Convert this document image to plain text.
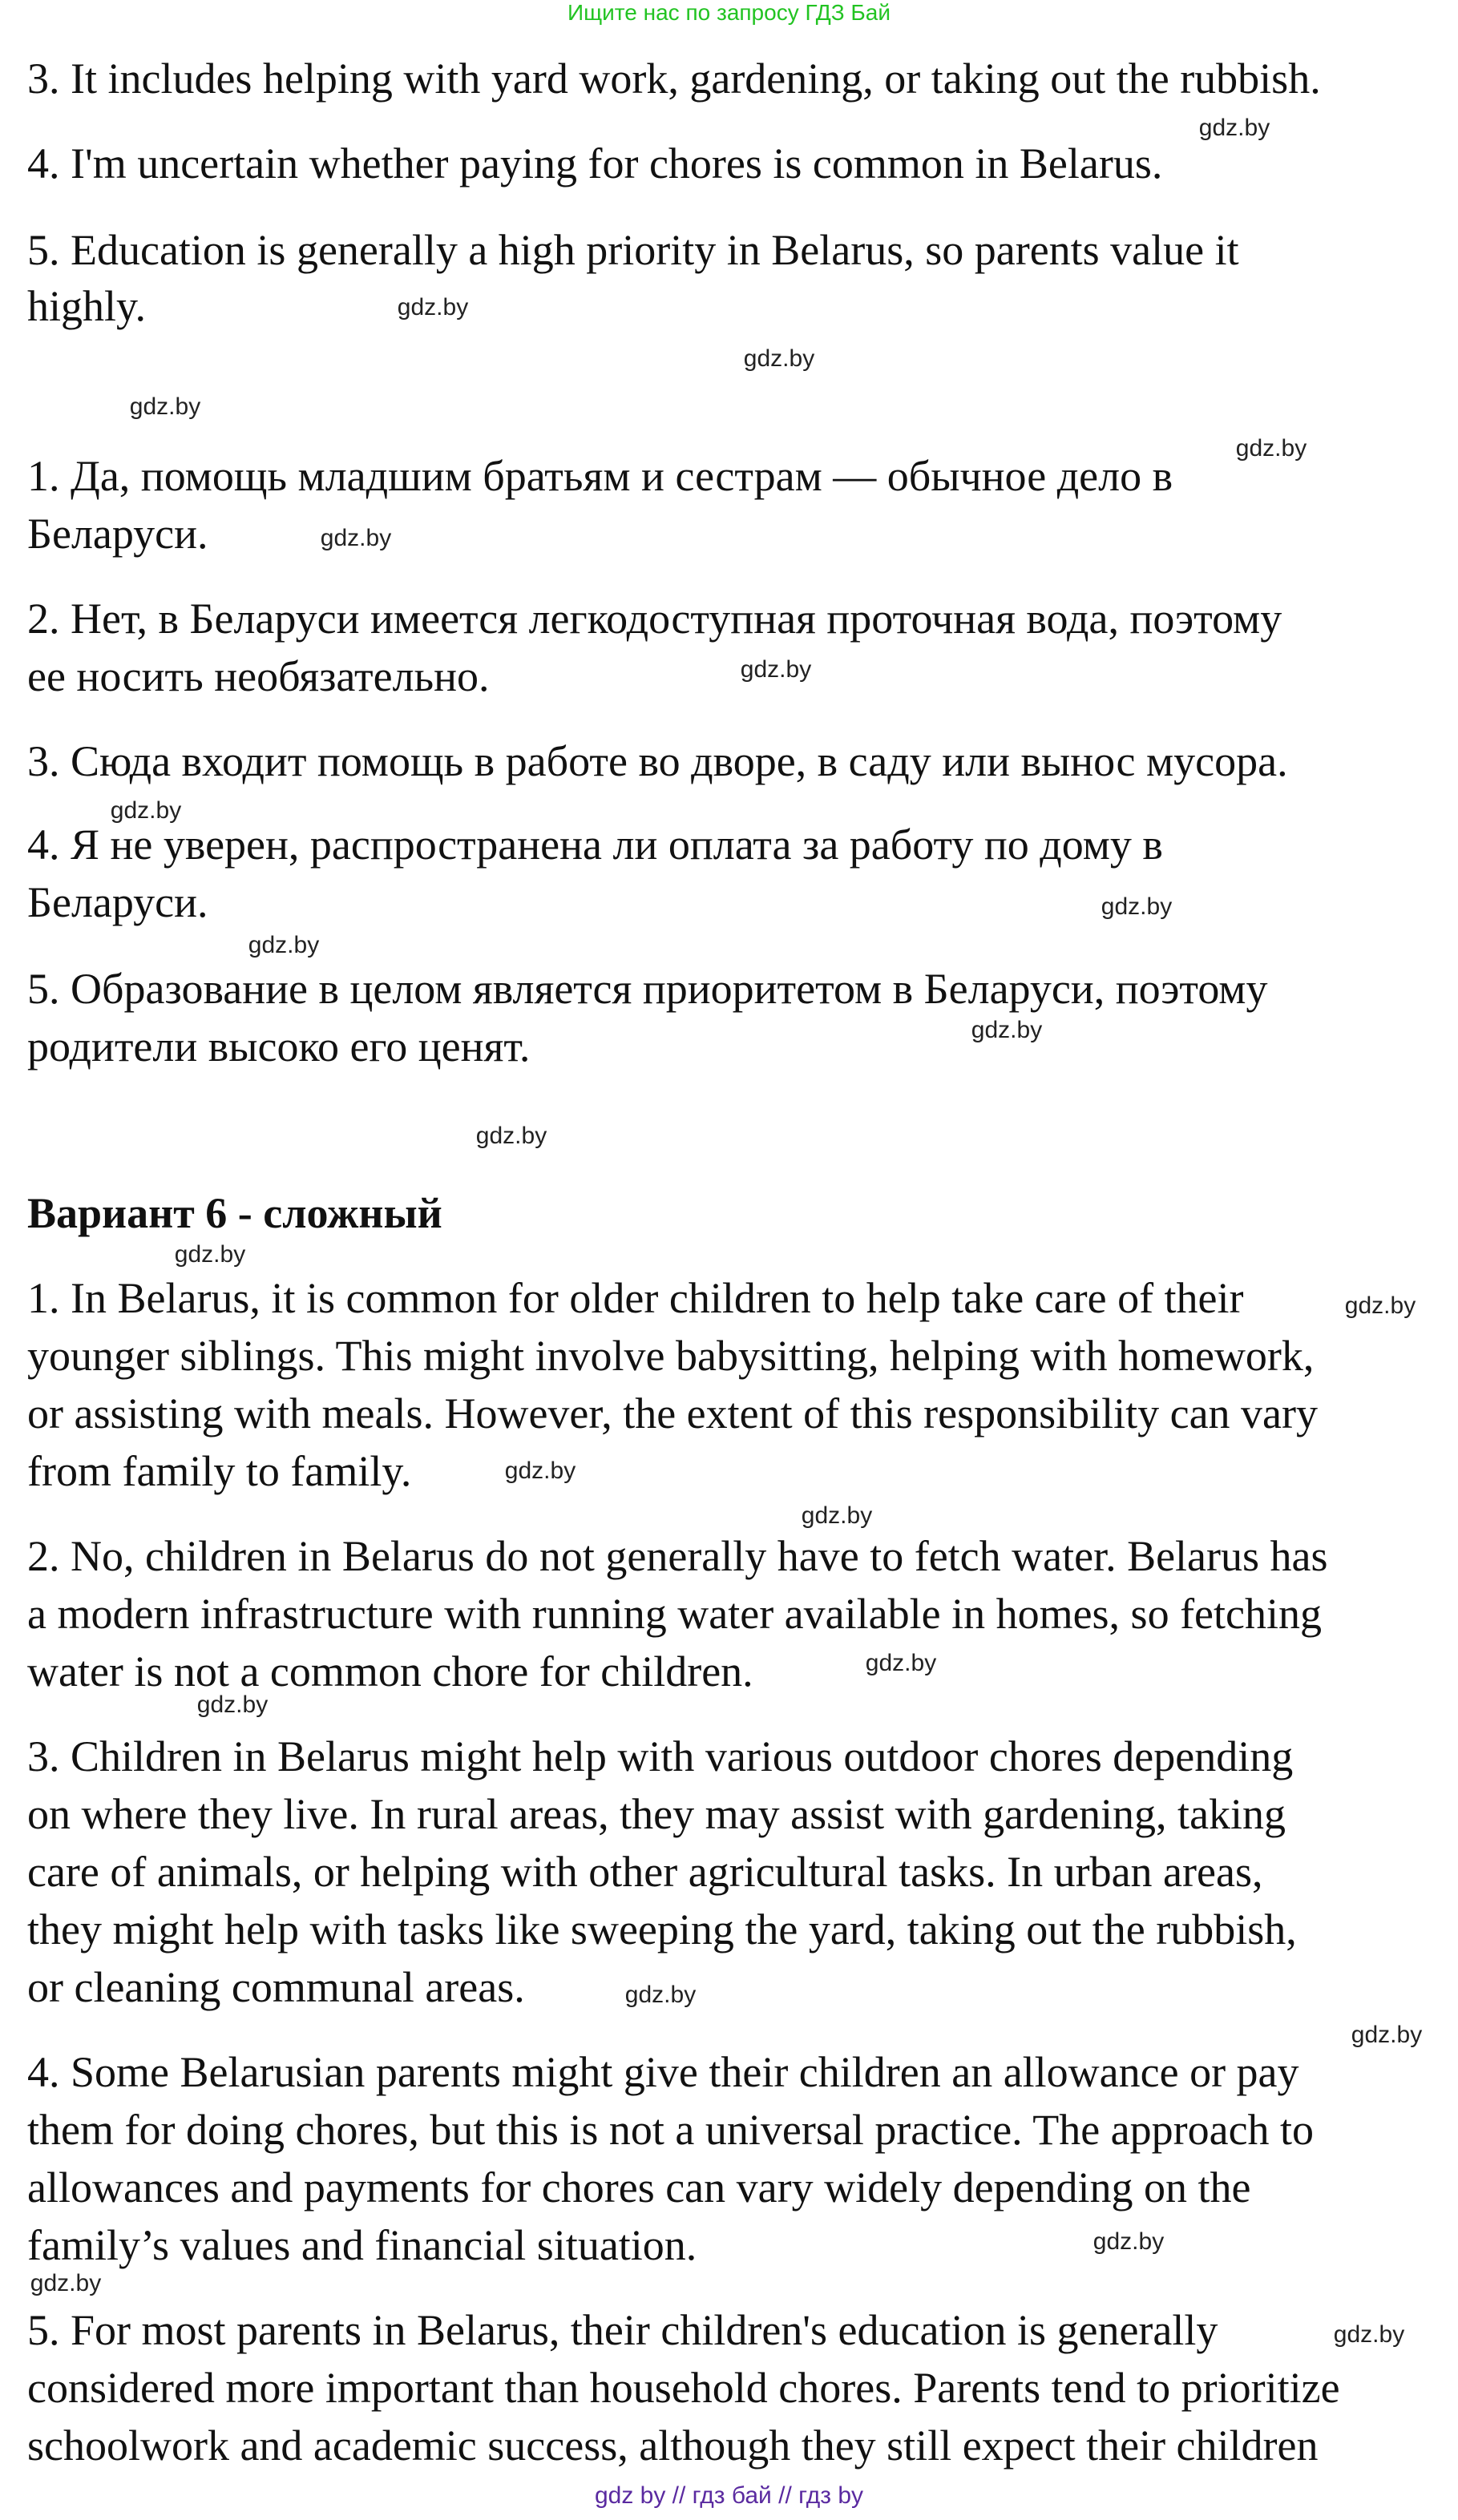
Ищите нас по запросу ГДЗ Бай
3. It includes helping with yard work, gardening, or taking out the rubbish.
4. I'm uncertain whether paying for chores is common in Belarus.
5. Education is generally a high priority in Belarus, so parents value it
highly.
1. Да, помощь младшим братьям и сестрам — обычное дело в
Беларуси.
2. Нет, в Беларуси имеется легкодоступная проточная вода, поэтому
ее носить необязательно.
3. Сюда входит помощь в работе во дворе, в саду или вынос мусора.
4. Я не уверен, распространена ли оплата за работу по дому в
Беларуси.
5. Образование в целом является приоритетом в Беларуси, поэтому
родители высоко его ценят.
Вариант 6 - сложный
1. In Belarus, it is common for older children to help take care of their
younger siblings. This might involve babysitting, helping with homework,
or assisting with meals. However, the extent of this responsibility can vary
from family to family.
2. No, children in Belarus do not generally have to fetch water. Belarus has
a modern infrastructure with running water available in homes, so fetching
water is not a common chore for children.
3. Children in Belarus might help with various outdoor chores depending
on where they live. In rural areas, they may assist with gardening, taking
care of animals, or helping with other agricultural tasks. In urban areas,
they might help with tasks like sweeping the yard, taking out the rubbish,
or cleaning communal areas.
4. Some Belarusian parents might give their children an allowance or pay
them for doing chores, but this is not a universal practice. The approach to
allowances and payments for chores can vary widely depending on the
family’s values and financial situation.
5. For most parents in Belarus, their children's education is generally
considered more important than household chores. Parents tend to prioritize
schoolwork and academic success, although they still expect their children
gdz.by
gdz.by
gdz.by
gdz.by
gdz.by
gdz.by
gdz.by
gdz.by
gdz.by
gdz.by
gdz.by
gdz.by
gdz.by
gdz.by
gdz.by
gdz.by
gdz.by
gdz.by
gdz.by
gdz.by
gdz.by
gdz.by
gdz.by
gdz by // гдз бай // гдз by
